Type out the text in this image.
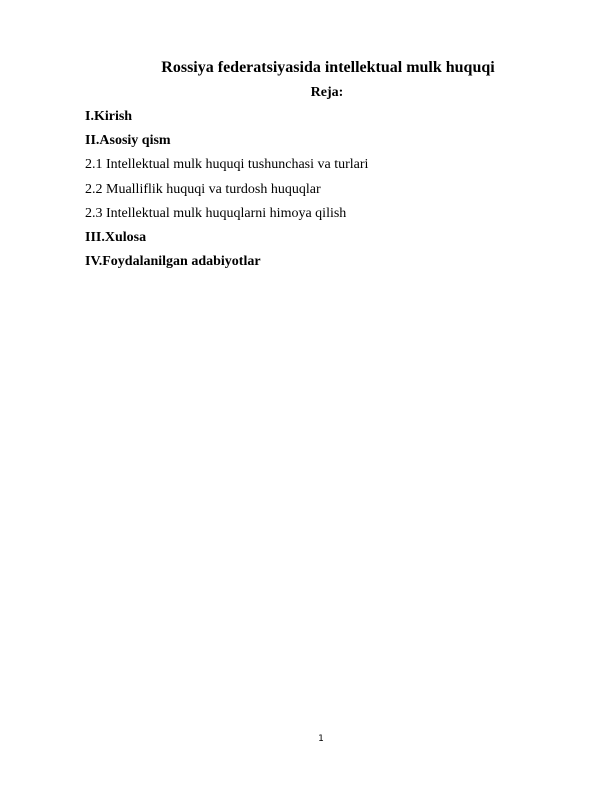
Rossiya federatsiyasida intellektual mulk huquqi
Reja:
I.Kirish
II.Asosiy qism
2.1 Intellektual mulk huquqi tushunchasi va turlari
2.2 Mualliflik huquqi va turdosh huquqlar
2.3 Intellektual mulk huquqlarni himoya qilish
III.Xulosa
IV.Foydalanilgan adabiyotlar
1
